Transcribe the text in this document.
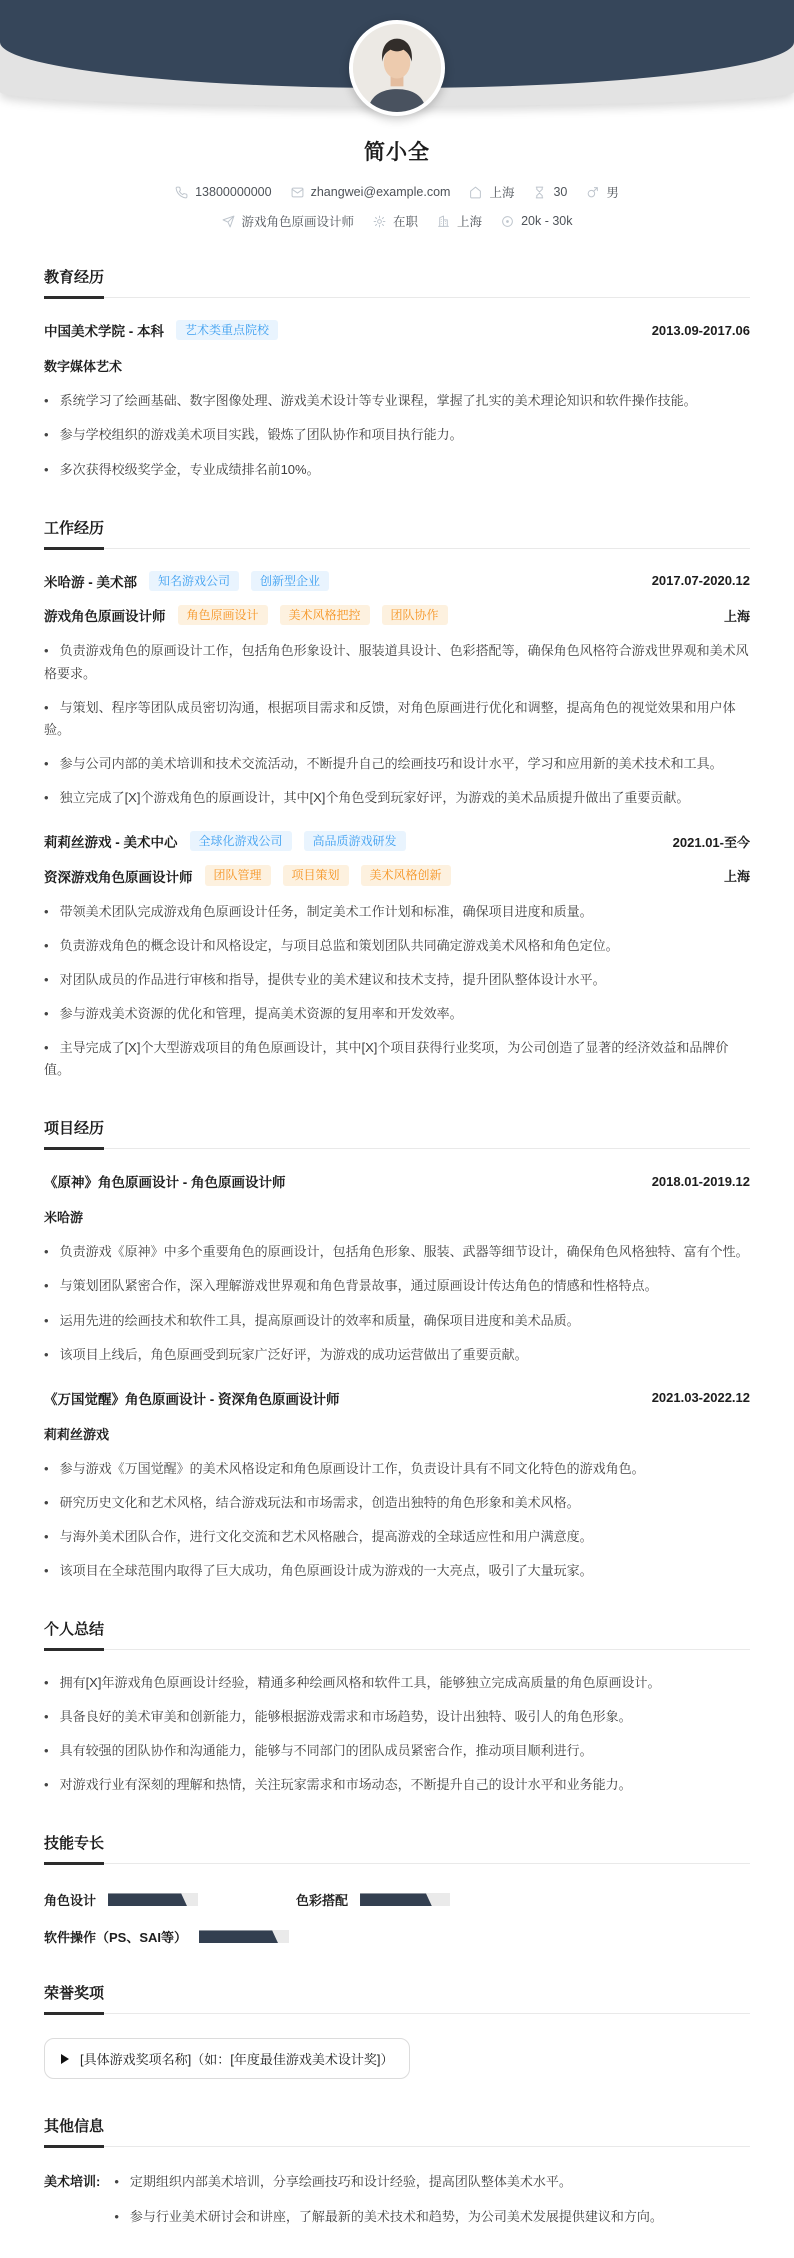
简小全
13800000000	zhangwei@example.com	上海	30	男
游戏角色原画设计师	在职	上海	20k - 30k
教育经历
中国美术学院 - 本科	艺术类重点院校	2013.09-2017.06
数字媒体艺术
• 系统学习了绘画基础、数字图像处理、游戏美术设计等专业课程，掌握了扎实的美术理论知识和软件操作技能。
• 参与学校组织的游戏美术项目实践，锻炼了团队协作和项目执行能力。
• 多次获得校级奖学金，专业成绩排名前10%。
工作经历
米哈游 - 美术部	知名游戏公司	创新型企业	2017.07-2020.12
游戏角色原画设计师	角色原画设计	美术风格把控	团队协作	上海
• 负责游戏角色的原画设计工作，包括角色形象设计、服装道具设计、色彩搭配等，确保角色风格符合游戏世界观和美术风格要求。
• 与策划、程序等团队成员密切沟通，根据项目需求和反馈，对角色原画进行优化和调整，提高角色的视觉效果和用户体验。
• 参与公司内部的美术培训和技术交流活动，不断提升自己的绘画技巧和设计水平，学习和应用新的美术技术和工具。
• 独立完成了[X]个游戏角色的原画设计，其中[X]个角色受到玩家好评，为游戏的美术品质提升做出了重要贡献。
莉莉丝游戏 - 美术中心	全球化游戏公司	高品质游戏研发	2021.01-至今
资深游戏角色原画设计师	团队管理	项目策划	美术风格创新	上海
• 带领美术团队完成游戏角色原画设计任务，制定美术工作计划和标准，确保项目进度和质量。
• 负责游戏角色的概念设计和风格设定，与项目总监和策划团队共同确定游戏美术风格和角色定位。
• 对团队成员的作品进行审核和指导，提供专业的美术建议和技术支持，提升团队整体设计水平。
• 参与游戏美术资源的优化和管理，提高美术资源的复用率和开发效率。
• 主导完成了[X]个大型游戏项目的角色原画设计，其中[X]个项目获得行业奖项，为公司创造了显著的经济效益和品牌价值。
项目经历
《原神》角色原画设计 - 角色原画设计师	2018.01-2019.12
米哈游
• 负责游戏《原神》中多个重要角色的原画设计，包括角色形象、服装、武器等细节设计，确保角色风格独特、富有个性。
• 与策划团队紧密合作，深入理解游戏世界观和角色背景故事，通过原画设计传达角色的情感和性格特点。
• 运用先进的绘画技术和软件工具，提高原画设计的效率和质量，确保项目进度和美术品质。
• 该项目上线后，角色原画受到玩家广泛好评，为游戏的成功运营做出了重要贡献。
《万国觉醒》角色原画设计 - 资深角色原画设计师	2021.03-2022.12
莉莉丝游戏
• 参与游戏《万国觉醒》的美术风格设定和角色原画设计工作，负责设计具有不同文化特色的游戏角色。
• 研究历史文化和艺术风格，结合游戏玩法和市场需求，创造出独特的角色形象和美术风格。
• 与海外美术团队合作，进行文化交流和艺术风格融合，提高游戏的全球适应性和用户满意度。
• 该项目在全球范围内取得了巨大成功，角色原画设计成为游戏的一大亮点，吸引了大量玩家。
个人总结
• 拥有[X]年游戏角色原画设计经验，精通多种绘画风格和软件工具，能够独立完成高质量的角色原画设计。
• 具备良好的美术审美和创新能力，能够根据游戏需求和市场趋势，设计出独特、吸引人的角色形象。
• 具有较强的团队协作和沟通能力，能够与不同部门的团队成员紧密合作，推动项目顺利进行。
• 对游戏行业有深刻的理解和热情，关注玩家需求和市场动态，不断提升自己的设计水平和业务能力。
技能专长
角色设计	色彩搭配
软件操作（PS、SAI等）
荣誉奖项
[具体游戏奖项名称]（如：[年度最佳游戏美术设计奖]）
其他信息
美术培训:	• 定期组织内部美术培训，分享绘画技巧和设计经验，提高团队整体美术水平。
• 参与行业美术研讨会和讲座，了解最新的美术技术和趋势，为公司美术发展提供建议和方向。
